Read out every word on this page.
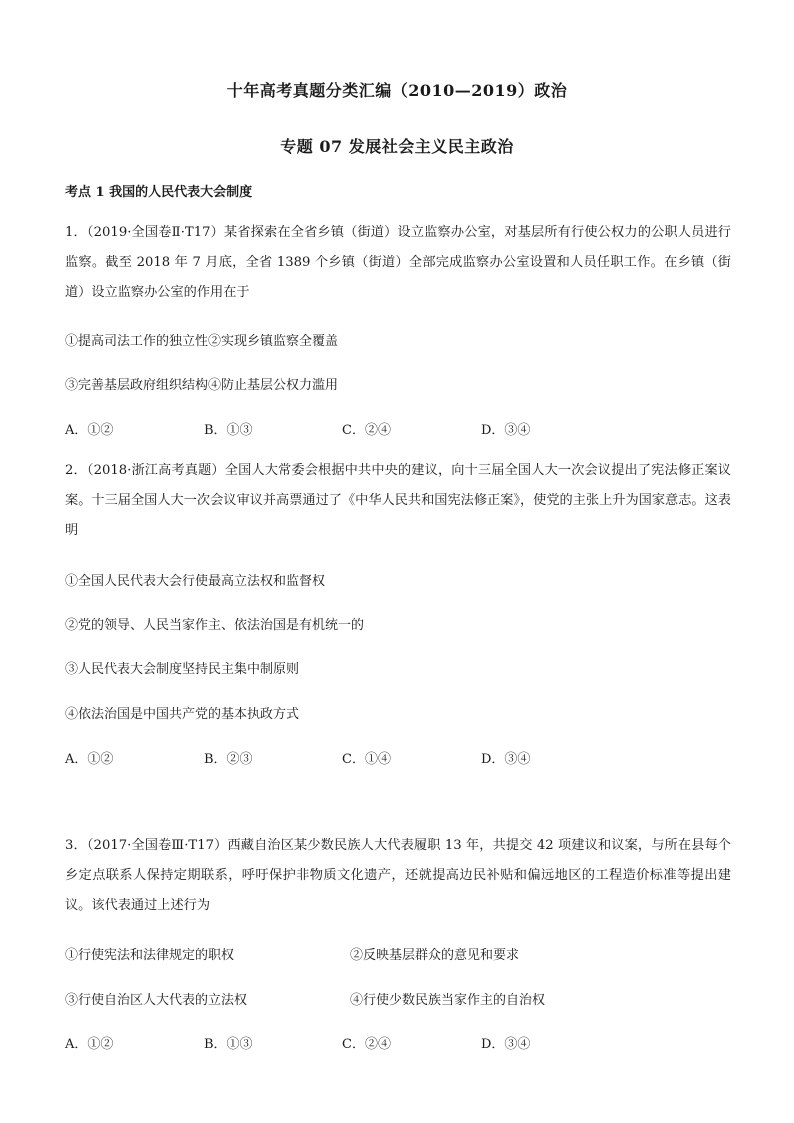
十年高考真题分类汇编（2010—2019）政治
专题 07 发展社会主义民主政治
考点 1 我国的人民代表大会制度
1．（2019·全国卷Ⅱ·T17）某省探索在全省乡镇（街道）设立监察办公室，对基层所有行使公权力的公职人员进行监察。截至 2018 年 7 月底，全省 1389 个乡镇（街道）全部完成监察办公室设置和人员任职工作。在乡镇（街道）设立监察办公室的作用在于
①提高司法工作的独立性②实现乡镇监察全覆盖
③完善基层政府组织结构④防止基层公权力滥用
A．①②	B．①③	C．②④	D．③④
2．（2018·浙江高考真题）全国人大常委会根据中共中央的建议，向十三届全国人大一次会议提出了宪法修正案议案。十三届全国人大一次会议审议并高票通过了《中华人民共和国宪法修正案》，使党的主张上升为国家意志。这表明
①全国人民代表大会行使最高立法权和监督权
②党的领导、人民当家作主、依法治国是有机统一的
③人民代表大会制度坚持民主集中制原则
④依法治国是中国共产党的基本执政方式
A．①②	B．②③	C．①④	D．③④
3．（2017·全国卷Ⅲ·T17）西藏自治区某少数民族人大代表履职 13 年，共提交 42 项建议和议案，与所在县每个乡定点联系人保持定期联系，呼吁保护非物质文化遗产，还就提高边民补贴和偏远地区的工程造价标准等提出建议。该代表通过上述行为
①行使宪法和法律规定的职权	②反映基层群众的意见和要求
③行使自治区人大代表的立法权	④行使少数民族当家作主的自治权
A．①②	B．①③	C．②④	D．③④
